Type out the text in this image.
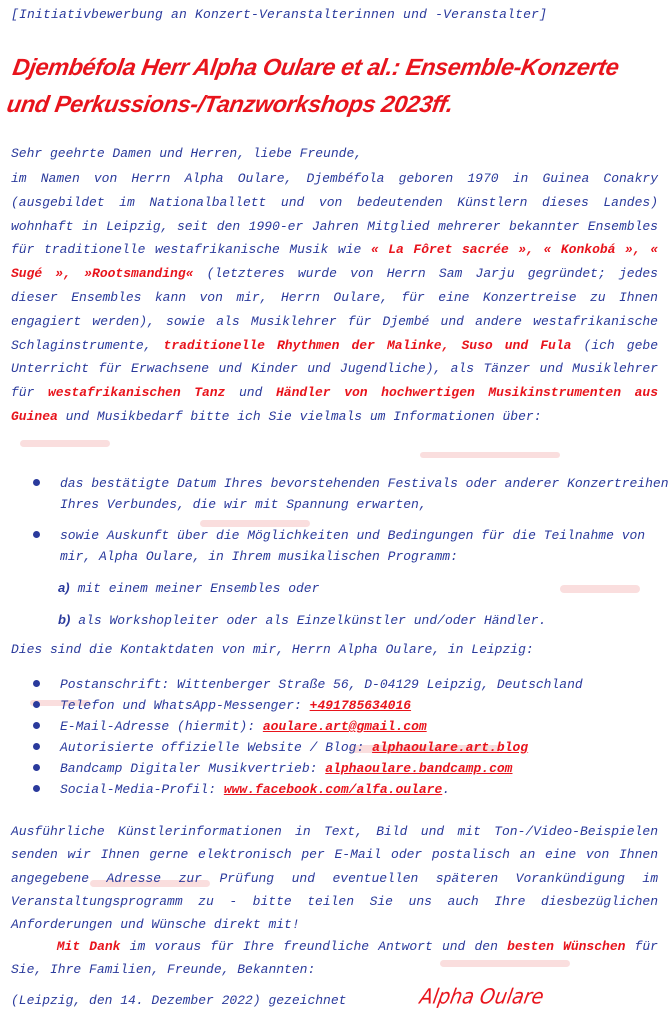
[Initiativbewerbung an Konzert-Veranstalterinnen und -Veranstalter]
Djembéfola Herr Alpha Oulare et al.: Ensemble-Konzerte und Perkussions-/Tanzworkshops 2023ff.
Sehr geehrte Damen und Herren, liebe Freunde,
im Namen von Herrn Alpha Oulare, Djembéfola geboren 1970 in Guinea Conakry (ausgebildet im Nationalballett und von bedeutenden Künstlern dieses Landes) wohnhaft in Leipzig, seit den 1990-er Jahren Mitglied mehrerer bekannter Ensembles für traditionelle westafrikanische Musik wie « La Fôret sacrée », « Konkobá », « Sugé », »Rootsmanding« (letzteres wurde von Herrn Sam Jarju gegründet; jedes dieser Ensembles kann von mir, Herrn Oulare, für eine Konzertreise zu Ihnen engagiert werden), sowie als Musiklehrer für Djembé und andere westafrikanische Schlaginstrumente, traditionelle Rhythmen der Malinke, Suso und Fula (ich gebe Unterricht für Erwachsene und Kinder und Jugendliche), als Tänzer und Musiklehrer für westafrikanischen Tanz und Händler von hochwertigen Musikinstrumenten aus Guinea und Musikbedarf bitte ich Sie vielmals um Informationen über:
das bestätigte Datum Ihres bevorstehenden Festivals oder anderer Konzertreihen Ihres Verbundes, die wir mit Spannung erwarten,
sowie Auskunft über die Möglichkeiten und Bedingungen für die Teilnahme von mir, Alpha Oulare, in Ihrem musikalischen Programm:
a) mit einem meiner Ensembles oder
b) als Workshopleiter oder als Einzelkünstler und/oder Händler.
Dies sind die Kontaktdaten von mir, Herrn Alpha Oulare, in Leipzig:
Postanschrift: Wittenberger Straße 56, D-04129 Leipzig, Deutschland
Telefon und WhatsApp-Messenger: +491785634016
E-Mail-Adresse (hiermit): aoulare.art@gmail.com
Autorisierte offizielle Website / Blog: alphaoulare.art.blog
Bandcamp Digitaler Musikvertrieb: alphaoulare.bandcamp.com
Social-Media-Profil: www.facebook.com/alfa.oulare.
Ausführliche Künstlerinformationen in Text, Bild und mit Ton-/Video-Beispielen senden wir Ihnen gerne elektronisch per E-Mail oder postalisch an eine von Ihnen angegebene Adresse zur Prüfung und eventuellen späteren Vorankündigung im Veranstaltungsprogramm zu - bitte teilen Sie uns auch Ihre diesbezüglichen Anforderungen und Wünsche direkt mit!
Mit Dank im voraus für Ihre freundliche Antwort und den besten Wünschen für Sie, Ihre Familien, Freunde, Bekannten:
(Leipzig, den 14. Dezember 2022) gezeichnet	Alpha Oulare
